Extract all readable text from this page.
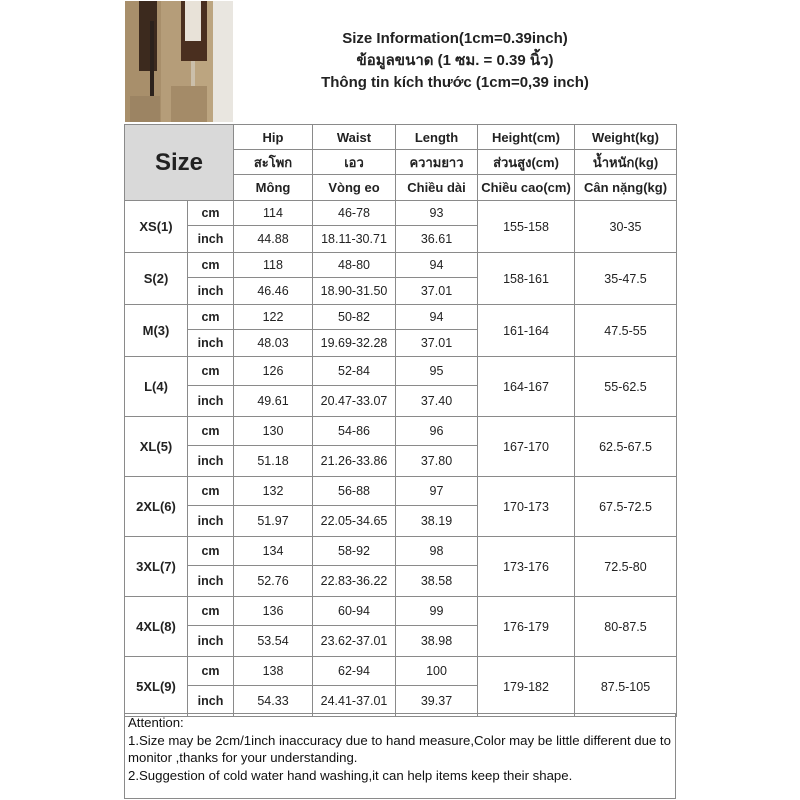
Size Information(1cm=0.39inch)
ข้อมูลขนาด (1 ซม. = 0.39 นิ้ว)
Thông tin kích thước (1cm=0,39 inch)
Size		Hip	Waist	Length	Height(cm)	Weight(kg)
		สะโพก	เอว	ความยาว	ส่วนสูง(cm)	น้ำหนัก(kg)
		Mông	Vòng eo	Chiều dài	Chiều cao(cm)	Cân nặng(kg)
XS(1)	cm	114	46-78	93	155-158	30-35
	inch	44.88	18.11-30.71	36.61		
S(2)	cm	118	48-80	94	158-161	35-47.5
	inch	46.46	18.90-31.50	37.01		
M(3)	cm	122	50-82	94	161-164	47.5-55
	inch	48.03	19.69-32.28	37.01		
L(4)	cm	126	52-84	95	164-167	55-62.5
	inch	49.61	20.47-33.07	37.40		
XL(5)	cm	130	54-86	96	167-170	62.5-67.5
	inch	51.18	21.26-33.86	37.80		
2XL(6)	cm	132	56-88	97	170-173	67.5-72.5
	inch	51.97	22.05-34.65	38.19		
3XL(7)	cm	134	58-92	98	173-176	72.5-80
	inch	52.76	22.83-36.22	38.58		
4XL(8)	cm	136	60-94	99	176-179	80-87.5
	inch	53.54	23.62-37.01	38.98		
5XL(9)	cm	138	62-94	100	179-182	87.5-105
	inch	54.33	24.41-37.01	39.37		
Attention:
1.Size may be 2cm/1inch inaccuracy due to hand measure,Color may be little different due to monitor ,thanks for your understanding.
2.Suggestion of cold water hand washing,it can help items keep their shape.
